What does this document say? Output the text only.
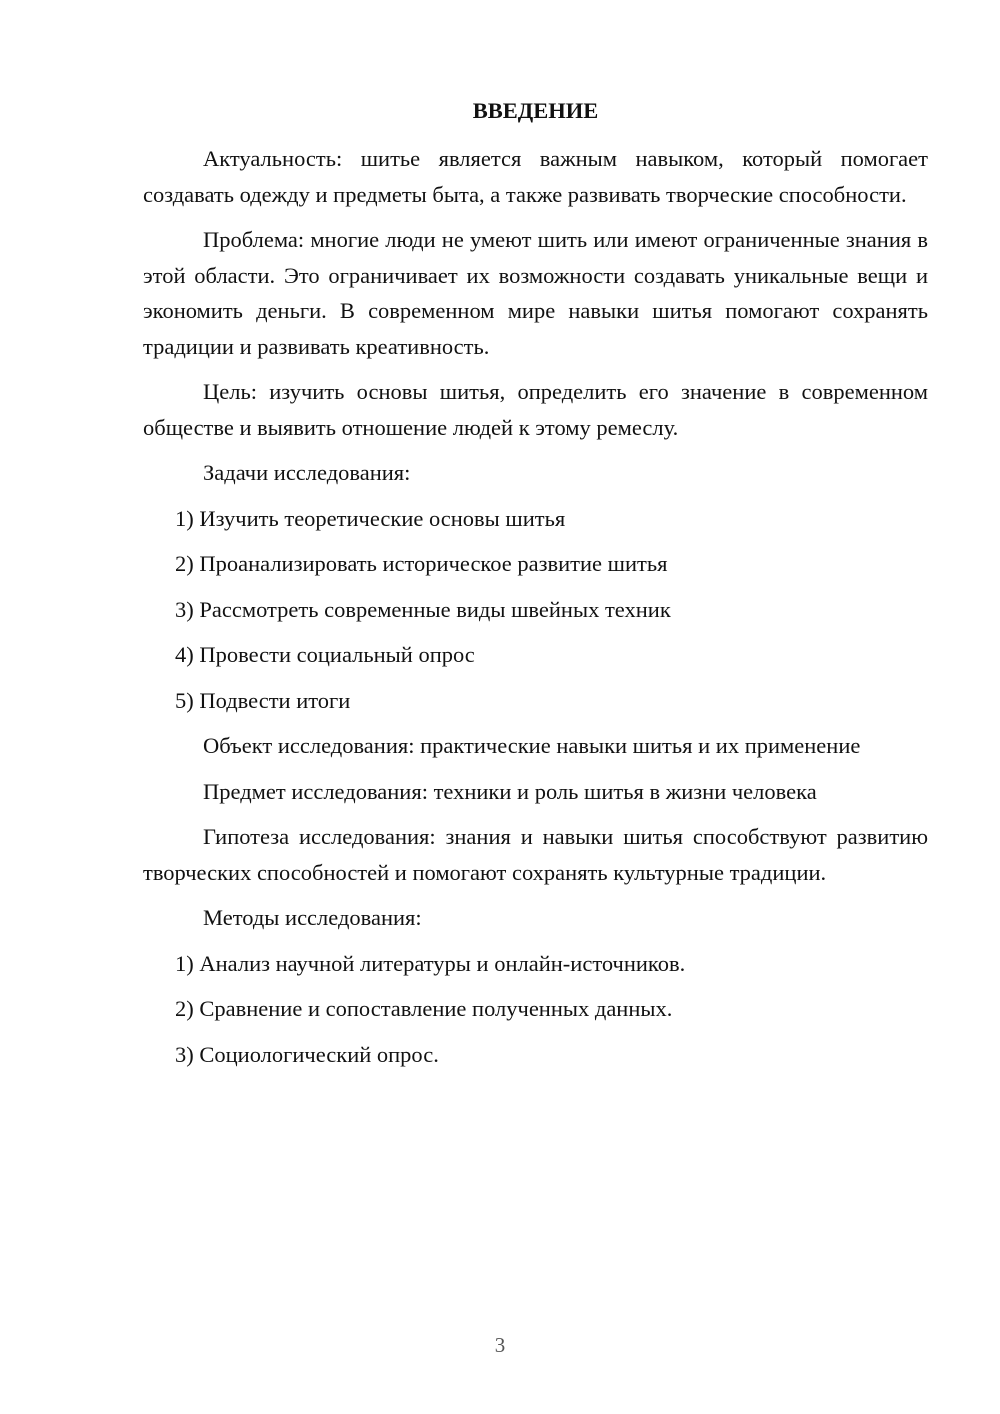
ВВЕДЕНИЕ

Актуальность: шитье является важным навыком, который помогает создавать одежду и предметы быта, а также развивать творческие способности.

Проблема: многие люди не умеют шить или имеют ограниченные знания в этой области. Это ограничивает их возможности создавать уникальные вещи и экономить деньги. В современном мире навыки шитья помогают сохранять традиции и развивать креативность.

Цель: изучить основы шитья, определить его значение в современном обществе и выявить отношение людей к этому ремеслу.

Задачи исследования:

1) Изучить теоретические основы шитья
2) Проанализировать историческое развитие шитья
3) Рассмотреть современные виды швейных техник
4) Провести социальный опрос
5) Подвести итоги

Объект исследования: практические навыки шитья и их применение

Предмет исследования: техники и роль шитья в жизни человека

Гипотеза исследования: знания и навыки шитья способствуют развитию творческих способностей и помогают сохранять культурные традиции.

Методы исследования:

1) Анализ научной литературы и онлайн-источников.
2) Сравнение и сопоставление полученных данных.
3) Социологический опрос.
3
